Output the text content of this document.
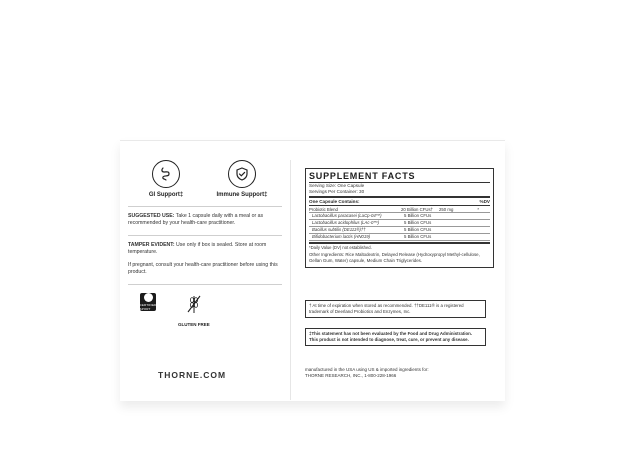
GI Support‡	Immune Support‡

SUGGESTED USE: Take 1 capsule daily with a meal or as recommended by your health-care practitioner.

TAMPER EVIDENT: Use only if box is sealed. Store at room temperature.

If pregnant, consult your health-care practitioner before using this product.

CERTIFIED SPORT
GLUTEN FREE
THORNE.COM
SUPPLEMENT FACTS
Serving Size: One Capsule
Servings Per Container: 30
One Capsule Contains:	%DV
Probiotic Blend	20 Billion CFUs†	250 mg	*
Lactobacillus paracasei (LaCp-04™)	5 Billion CFUs
Lactobacillus acidophilus (LAc-0™)	5 Billion CFUs
Bacillus subtilis (DE111®)††	5 Billion CFUs
Bifidobacterium lactis (HN019)	5 Billion CFUs
*Daily Value (DV) not established.
Other Ingredients: Rice Maltodextrin, Delayed Release (Hydroxypropyl Methyl-cellulose, Gellan Gum, Water) capsule, Medium Chain Triglycerides.
† At time of expiration when stored as recommended. ††DE111® is a registered trademark of Deerland Probiotics and Enzymes, Inc.
‡This statement has not been evaluated by the Food and Drug Administration. This product is not intended to diagnose, treat, cure, or prevent any disease.
manufactured in the USA using US & imported ingredients for:
THORNE RESEARCH, INC., 1-800-228-1966
